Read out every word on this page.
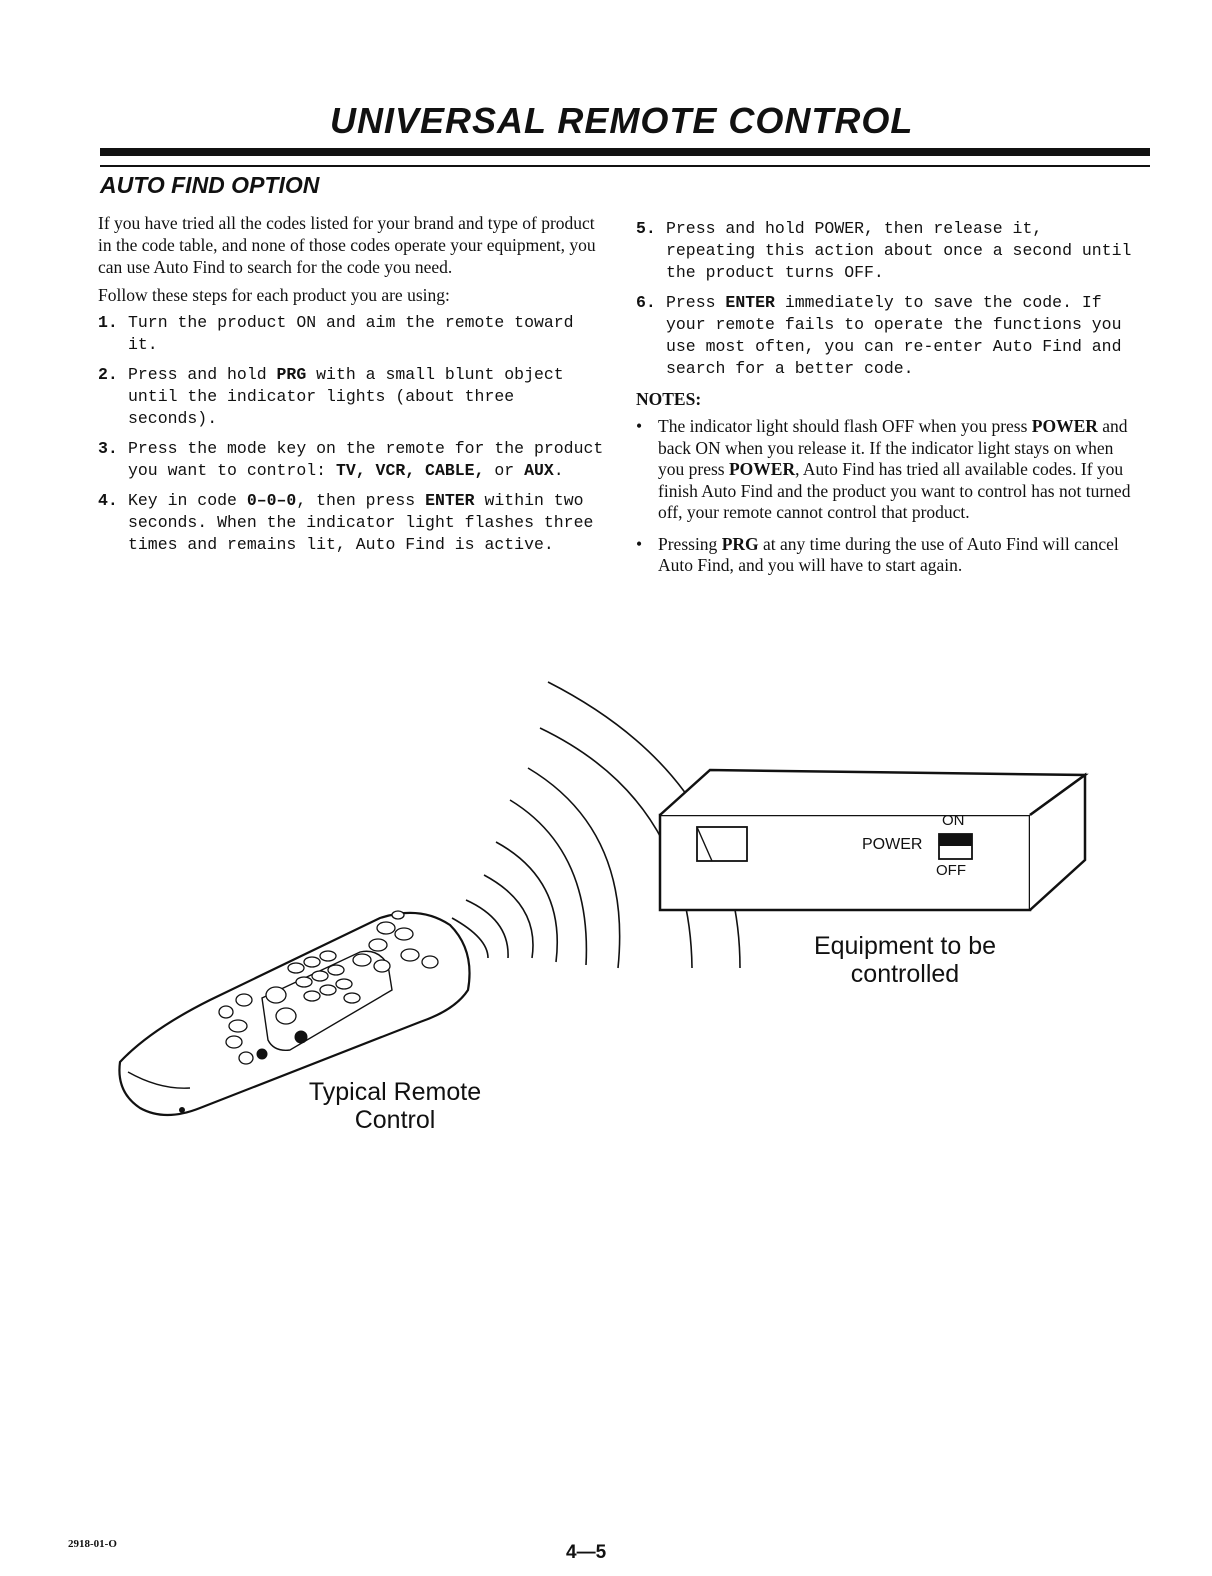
UNIVERSAL REMOTE CONTROL
AUTO FIND OPTION

If you have tried all the codes listed for your brand and type of product in the code table, and none of those codes operate your equipment, you can use Auto Find to search for the code you need.

Follow these steps for each product you are using:

1. Turn the product ON and aim the remote toward it.
2. Press and hold PRG with a small blunt object until the indicator lights (about three seconds).
3. Press the mode key on the remote for the product you want to control: TV, VCR, CABLE, or AUX.
4. Key in code 0–0–0, then press ENTER within two seconds. When the indicator light flashes three times and remains lit, Auto Find is active.
5. Press and hold POWER, then release it, repeating this action about once a second until the product turns OFF.
6. Press ENTER immediately to save the code. If your remote fails to operate the functions you use most often, you can re-enter Auto Find and search for a better code.
NOTES:
• The indicator light should flash OFF when you press POWER and back ON when you release it. If the indicator light stays on when you press POWER, Auto Find has tried all available codes. If you finish Auto Find and the product you want to control has not turned off, your remote cannot control that product.
• Pressing PRG at any time during the use of Auto Find will cancel Auto Find, and you will have to start again.
ON
POWER
OFF
Equipment to be
controlled
Typical Remote
Control
2918-01-O	4—5
